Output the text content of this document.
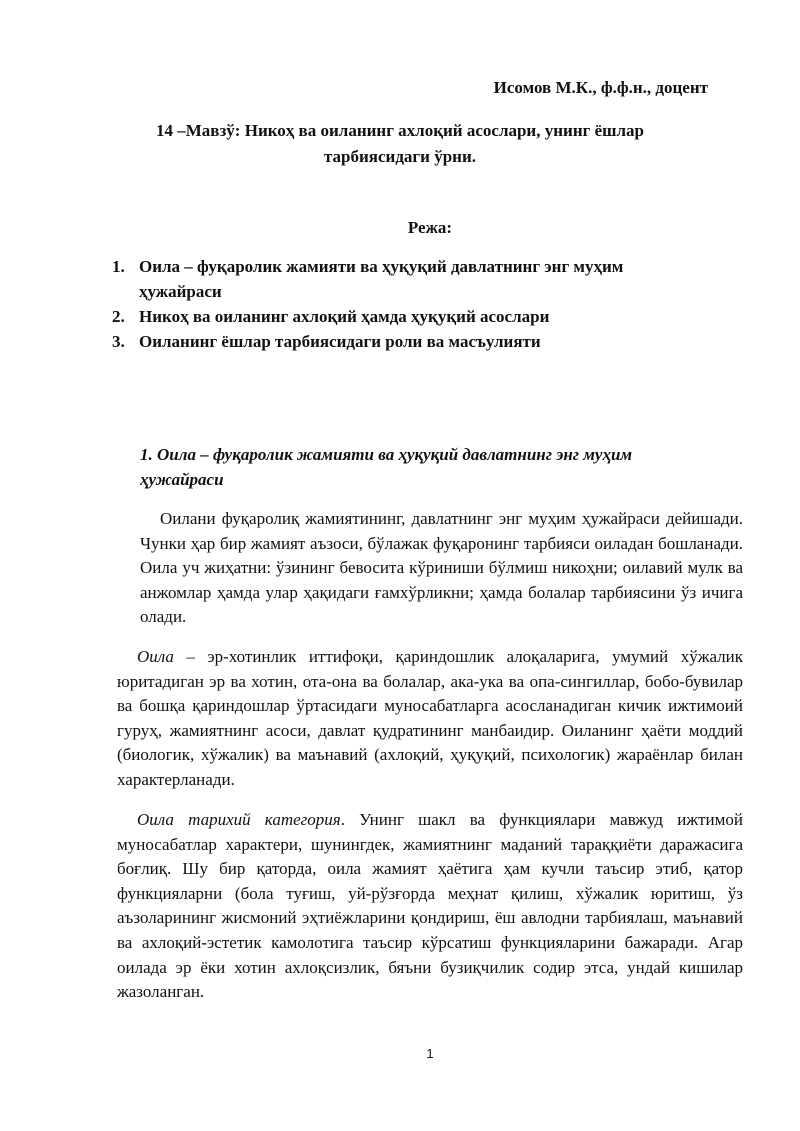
Исомов М.К., ф.ф.н., доцент
14 –Мавзў: Никоҳ ва оиланинг ахлоқий асослари, унинг ёшлар тарбиясидаги ўрни.
Режа:
1. Оила – фуқаролик жамияти ва ҳуқуқий давлатнинг энг муҳим ҳужайраси
2. Никоҳ ва оиланинг ахлоқий ҳамда ҳуқуқий асослари
3. Оиланинг ёшлар тарбиясидаги роли ва масъулияти
1. Оила – фуқаролик жамияти ва ҳуқуқий давлатнинг энг муҳим ҳужайраси

Оилани фуқаролиқ жамиятининг, давлатнинг энг муҳим ҳужайраси дейишади. Чунки ҳар бир жамият аъзоси, бўлажак фуқаронинг тарбияси оиладан бошланади. Оила уч жиҳатни: ўзининг бевосита кўриниши бўлмиш никоҳни; оилавий мулк ва анжомлар ҳамда улар ҳақидаги ғамхўрликни; ҳамда болалар тарбиясини ўз ичига олади.

Оила – эр-хотинлик иттифоқи, қариндошлик алоқаларига, умумий хўжалик юритадиган эр ва хотин, ота-она ва болалар, ака-ука ва опа-сингиллар, бобо-бувилар ва бошқа қариндошлар ўртасидаги муносабатларга асосланадиган кичик ижтимоий гуруҳ, жамиятнинг асоси, давлат қудратининг манбаидир. Оиланинг ҳаёти моддий (биологик, хўжалик) ва маънавий (ахлоқий, ҳуқуқий, психологик) жараёнлар билан характерланади.

Оила тарихий категория. Унинг шакл ва функциялари мавжуд ижтимой муносабатлар характери, шунингдек, жамиятнинг маданий тараққиёти даражасига боғлиқ. Шу бир қаторда, оила жамият ҳаётига ҳам кучли таъсир этиб, қатор функцияларни (бола туғиш, уй-рўзғорда меҳнат қилиш, хўжалик юритиш, ўз аъзоларининг жисмоний эҳтиёжларини қондириш, ёш авлодни тарбиялаш, маънавий ва ахлоқий-эстетик камолотига таъсир кўрсатиш функцияларини бажаради. Агар оилада эр ёки хотин ахлоқсизлик, бяъни бузиқчилик содир этса, ундай кишилар жазоланган.

1
